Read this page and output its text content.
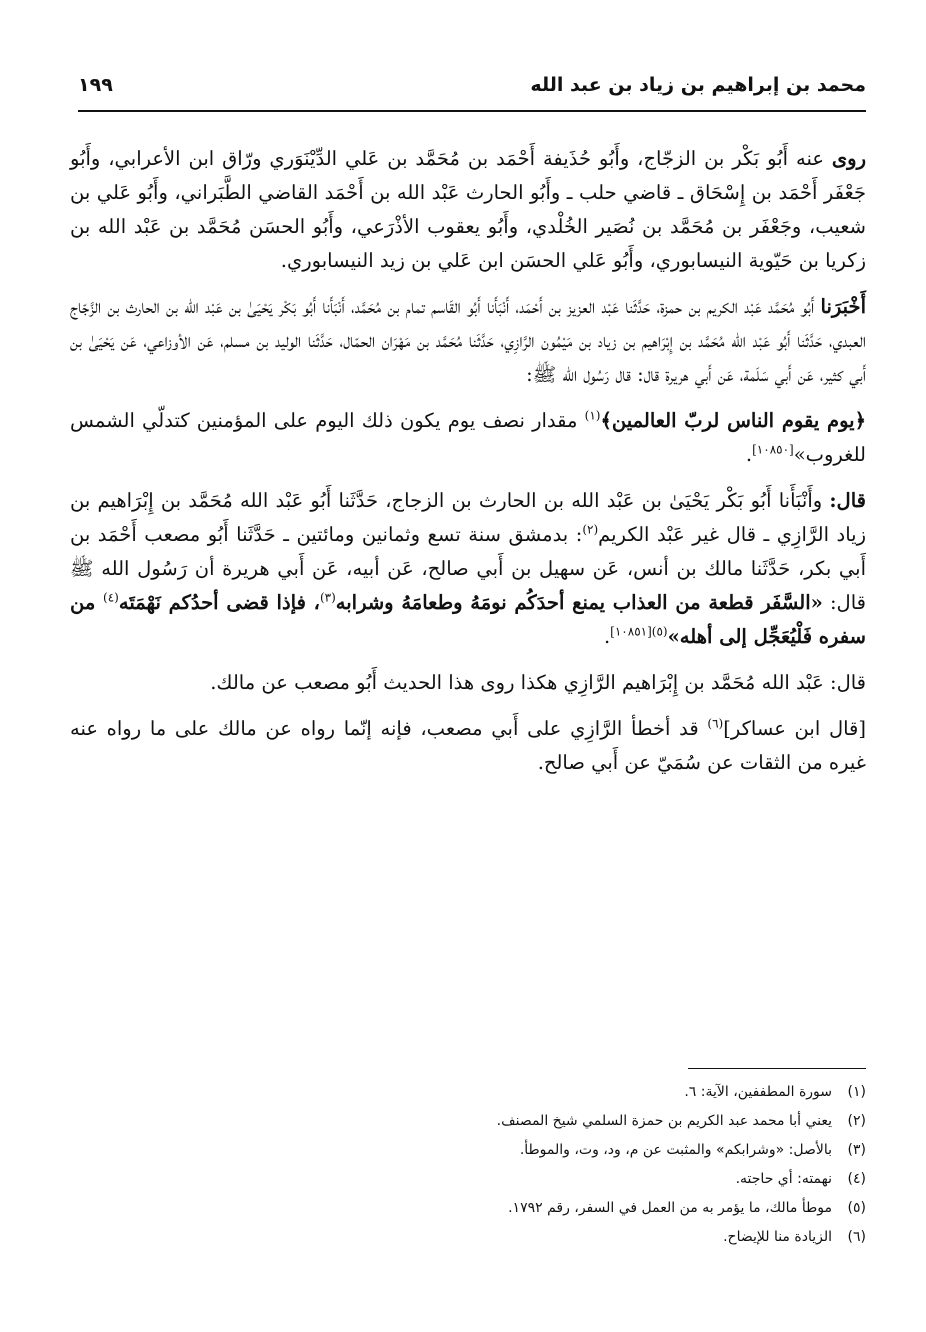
محمد بن إبراهيم بن زياد بن عبد الله
١٩٩

روى عنه أَبُو بَكْر بن الزجّاج، وأَبُو حُذَيفة أَحْمَد بن مُحَمَّد بن عَلي الدِّيْنَوَري ورّاق ابن الأعرابي، وأَبُو جَعْفَر أَحْمَد بن إِسْحَاق ـ قاضي حلب ـ وأَبُو الحارث عَبْد الله بن أَحْمَد القاضي الطَّبَراني، وأَبُو عَلي بن شعيب، وجَعْفَر بن مُحَمَّد بن نُصَير الخُلْدي، وأَبُو يعقوب الأذْرَعي، وأَبُو الحسَن مُحَمَّد بن عَبْد الله بن زكريا بن حَيّوية النيسابوري، وأَبُو عَلي الحسَن ابن عَلي بن زيد النيسابوري.

أَخْبَرَنا أَبُو مُحَمَّد عَبْد الكريم بن حمزة، حَدَّثَنا عَبْد العزيز بن أَحْمَد، أَنْبَأَنا أَبُو القَاسم تمام بن مُحَمَّد، أَنْبَأَنا أَبُو بَكْر يَحْيَىٰ بن عَبْد الله بن الحارث بن الزَّجّاج العبدي، حَدَّثَنا أَبُو عَبْد الله مُحَمَّد بن إِبْرَاهيم بن زياد بن مَيْمُون الرَّازِي، حَدَّثَنا مُحَمَّد بن مَهْرَان الحمّال، حَدَّثَنا الوليد بن مسلم، عَن الأوزاعي، عَن يَحْيَىٰ بن أَبي كثير، عَن أَبي سَلَمة، عَن أَبي هريرة قال: قال رَسُول الله ﷺ:

﴿يوم يقوم الناس لربّ العالمين﴾$^{(١)}$ مقدار نصف يوم يكون ذلك اليوم على المؤمنين كتدلّي الشمس للغروب»[١٠٨٥٠].

قال: وأَنْبَأَنا أَبُو بَكْر يَحْيَىٰ بن عَبْد الله بن الحارث بن الزجاج، حَدَّثَنا أَبُو عَبْد الله مُحَمَّد بن إِبْرَاهيم بن زياد الرَّازِي ـ قال غير عَبْد الكريم$^{(٢)}$: بدمشق سنة تسع وثمانين ومائتين ـ حَدَّثَنا أَبُو مصعب أَحْمَد بن أَبي بكر، حَدَّثَنا مالك بن أنس، عَن سهيل بن أَبي صالح، عَن أبيه، عَن أَبي هريرة أن رَسُول الله ﷺ قال: «السَّفَر قطعة من العذاب يمنع أحدَكُم نومَهُ وطعامَهُ وشرابه$^{(٣)}$، فإذا قضى أحدُكم نَهْمَتَه$^{(٤)}$ من سفره فَلْيُعَجِّل إلى أهله»$^{(٥)[١٠٨٥١]}$.

قال: عَبْد الله مُحَمَّد بن إِبْرَاهيم الرَّازِي هكذا روى هذا الحديث أَبُو مصعب عن مالك.

[قال ابن عساكر]$^{(٦)}$ قد أخطأ الرَّازِي على أَبي مصعب، فإنه إنّما رواه عن مالك على ما رواه عنه غيره من الثقات عن سُمَيّ عن أَبي صالح.

(١)سورة المطففين، الآية: ٦.
(٢)يعني أبا محمد عبد الكريم بن حمزة السلمي شيخ المصنف.
(٣)بالأصل: «وشرابكم» والمثبت عن م، ود، وت، والموطأ.
(٤)نهمته: أي حاجته.
(٥)موطأ مالك، ما يؤمر به من العمل في السفر، رقم ١٧٩٢.
(٦)الزيادة منا للإيضاح.
